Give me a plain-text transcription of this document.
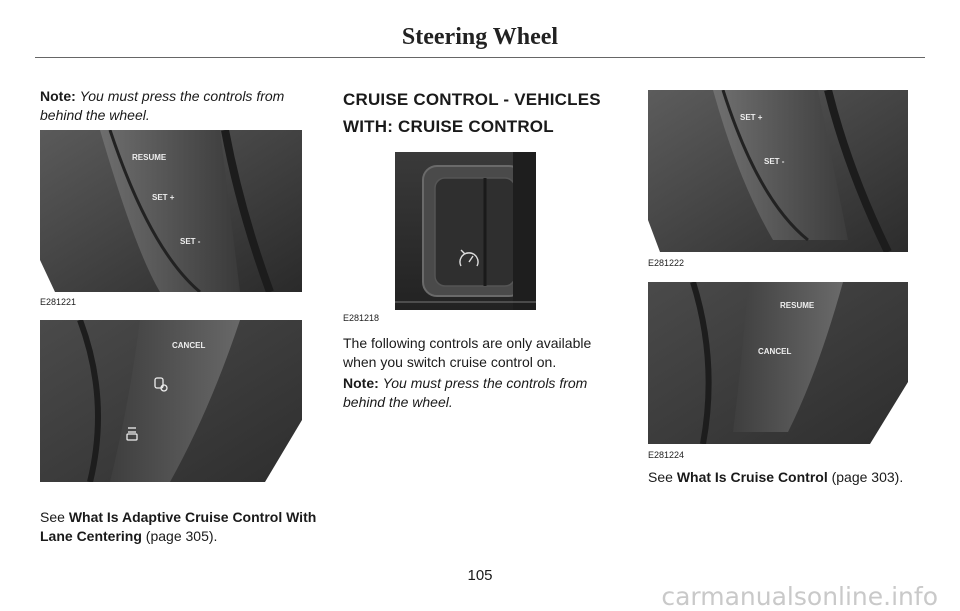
Steering Wheel
Note: You must press the controls from behind the wheel.
RESUME
SET +
SET -
E281221
CANCEL
See What Is Adaptive Cruise Control With Lane Centering (page 305).
CRUISE CONTROL - VEHICLES
WITH: CRUISE CONTROL
E281218
The following controls are only available when you switch cruise control on.
Note: You must press the controls from behind the wheel.
SET +
SET -
E281222
RESUME
CANCEL
E281224
See What Is Cruise Control (page 303).
105
carmanualsonline.info
